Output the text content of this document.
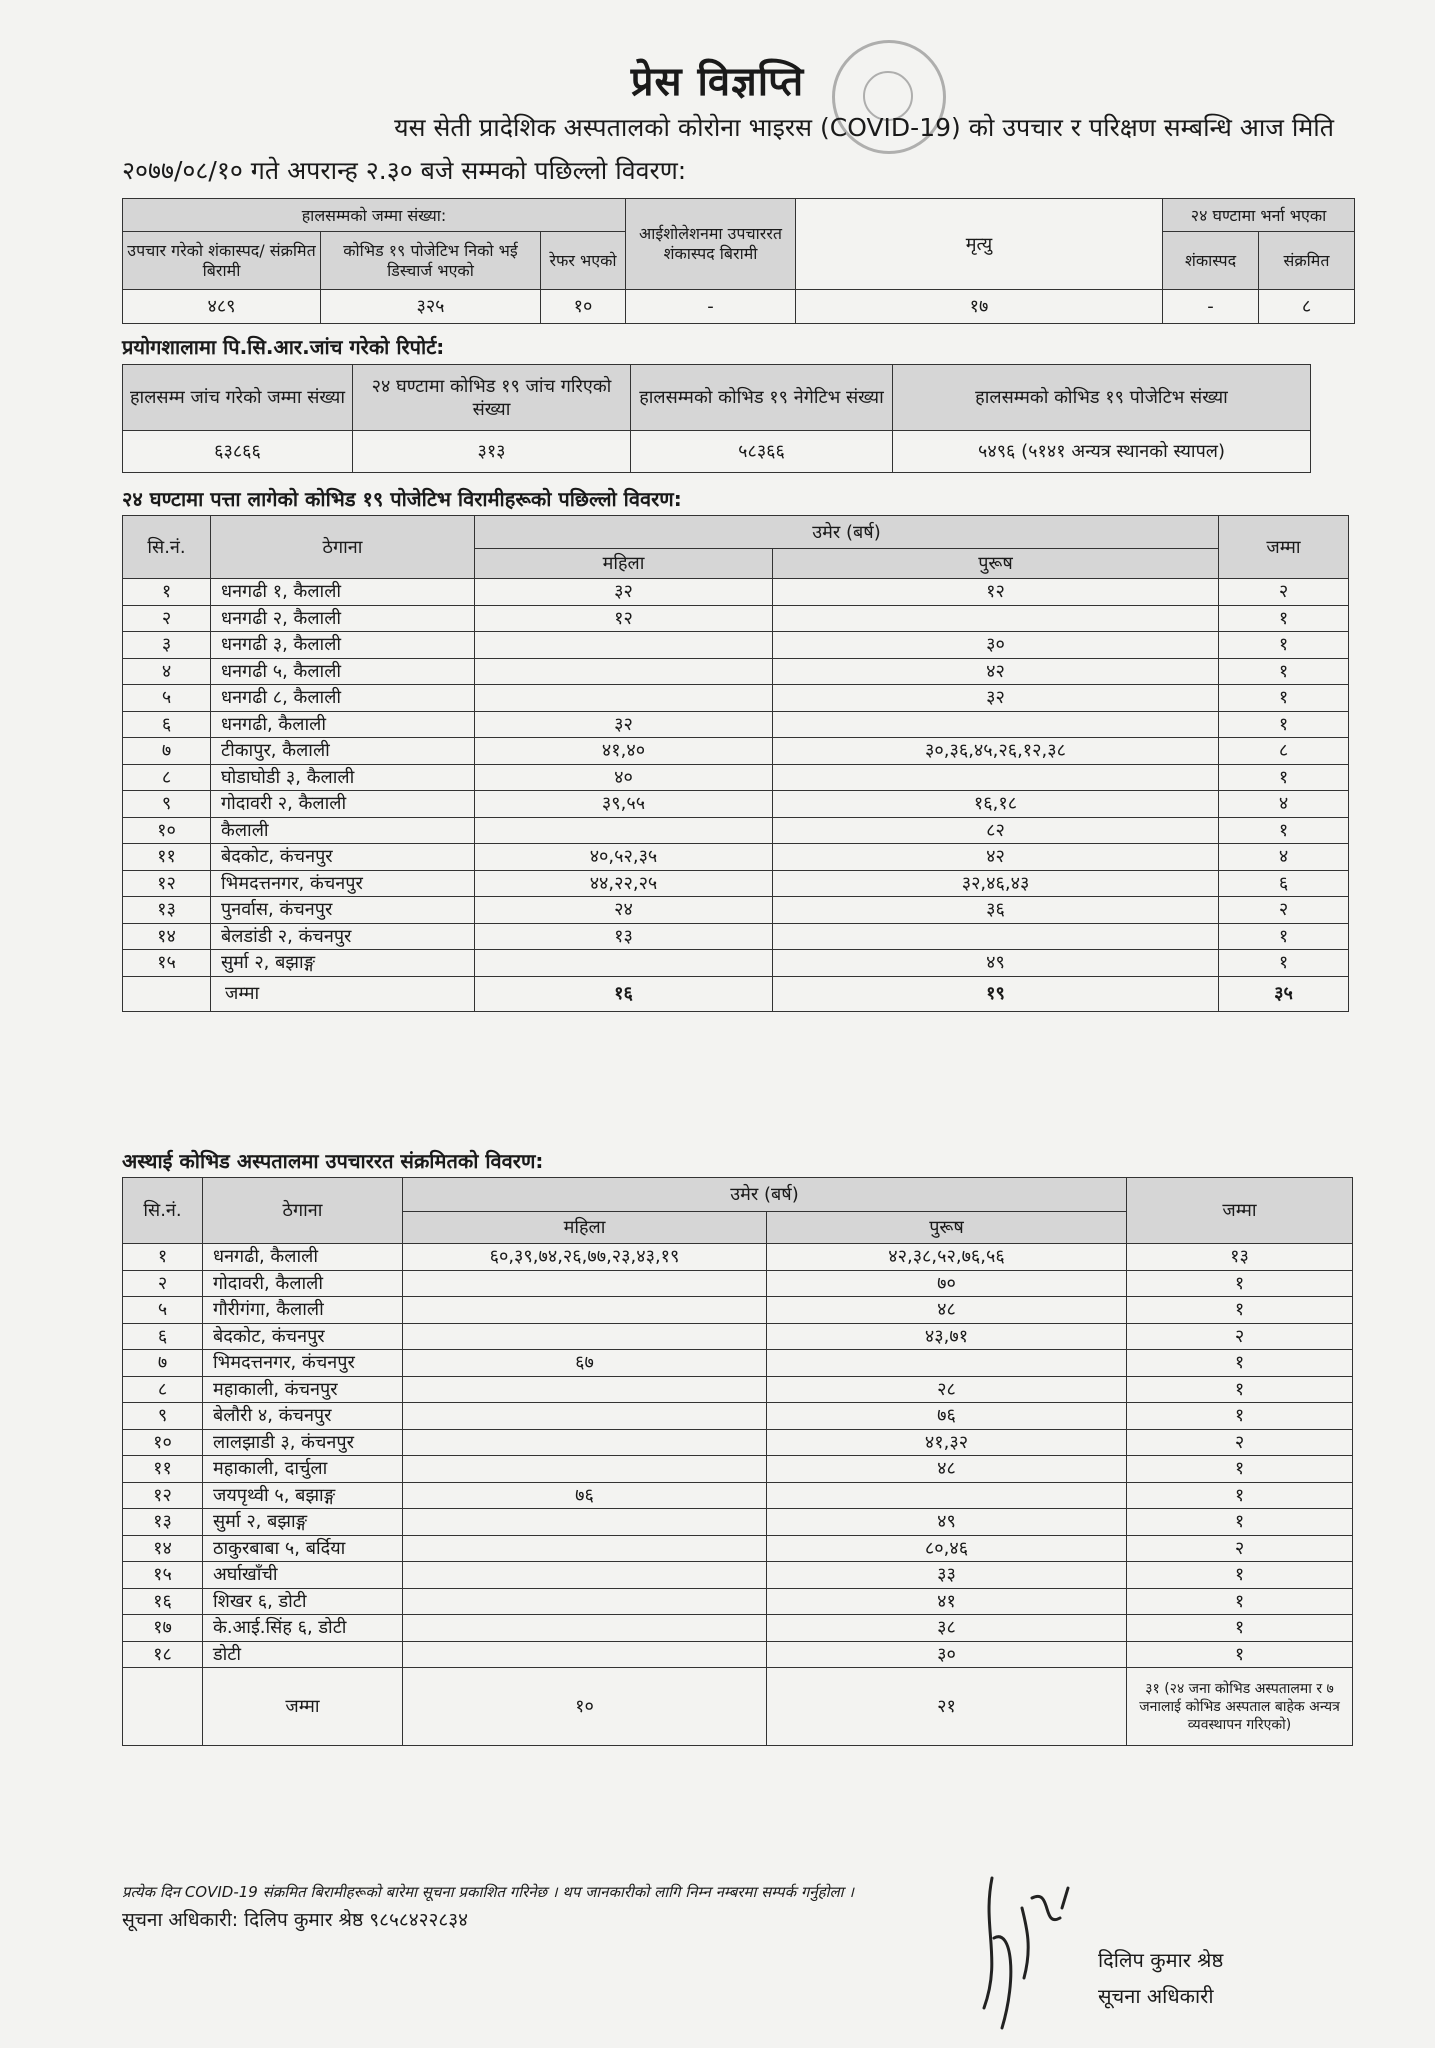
प्रेस विज्ञप्ति
यस सेती प्रादेशिक अस्पतालको कोरोना भाइरस (COVID-19) को उपचार र परिक्षण सम्बन्धि आज मिति
२०७७/०८/१० गते अपरान्ह २.३० बजे सम्मको पछिल्लो विवरण:
हालसम्मको जम्मा संख्या:			आईशोलेशनमा उपचाररत शंकास्पद बिरामी	मृत्यु	२४ घण्टामा भर्ना भएका	
उपचार गरेको शंकास्पद/ संक्रमित बिरामी	कोभिड १९ पोजेटिभ निको भई डिस्चार्ज भएको	रेफर भएको			शंकास्पद	संक्रमित
४८९	३२५	१०	-	१७	-	८
प्रयोगशालामा पि.सि.आर.जांच गरेको रिपोर्ट:
हालसम्म जांच गरेको जम्मा संख्या	२४ घण्टामा कोभिड १९ जांच गरिएको संख्या	हालसम्मको कोभिड १९ नेगेटिभ संख्या	हालसम्मको कोभिड १९ पोजेटिभ संख्या
६३८६६	३१३	५८३६६	५४९६ (५१४१ अन्यत्र स्थानको स्यापल)
२४ घण्टामा पत्ता लागेको कोभिड १९ पोजेटिभ विरामीहरूको पछिल्लो विवरण:
सि.नं.	ठेगाना	उमेर (बर्ष)		जम्मा
		महिला	पुरूष	
१	धनगढी १, कैलाली	३२	१२	२
२	धनगढी २, कैलाली	१२		१
३	धनगढी ३, कैलाली		३०	१
४	धनगढी ५, कैलाली		४२	१
५	धनगढी ८, कैलाली		३२	१
६	धनगढी, कैलाली	३२		१
७	टीकापुर, कैलाली	४१,४०	३०,३६,४५,२६,१२,३८	८
८	घोडाघोडी ३, कैलाली	४०		१
९	गोदावरी २, कैलाली	३९,५५	१६,१८	४
१०	कैलाली		८२	१
११	बेदकोट, कंचनपुर	४०,५२,३५	४२	४
१२	भिमदत्तनगर, कंचनपुर	४४,२२,२५	३२,४६,४३	६
१३	पुनर्वास, कंचनपुर	२४	३६	२
१४	बेलडांडी २, कंचनपुर	१३		१
१५	सुर्मा २, बझाङ्ग		४९	१
	जम्मा	१६	१९	३५
अस्थाई कोभिड अस्पतालमा उपचाररत संक्रमितको विवरण:
सि.नं.	ठेगाना	उमेर (बर्ष)		जम्मा
		महिला	पुरूष	
१	धनगढी, कैलाली	६०,३९,७४,२६,७७,२३,४३,१९	४२,३८,५२,७६,५६	१३
२	गोदावरी, कैलाली		७०	१
५	गौरीगंगा, कैलाली		४८	१
६	बेदकोट, कंचनपुर		४३,७१	२
७	भिमदत्तनगर, कंचनपुर	६७		१
८	महाकाली, कंचनपुर		२८	१
९	बेलौरी ४, कंचनपुर		७६	१
१०	लालझाडी ३, कंचनपुर		४१,३२	२
११	महाकाली, दार्चुला		४८	१
१२	जयपृथ्वी ५, बझाङ्ग	७६		१
१३	सुर्मा २, बझाङ्ग		४९	१
१४	ठाकुरबाबा ५, बर्दिया		८०,४६	२
१५	अर्घाखाँची		३३	१
१६	शिखर ६, डोटी		४१	१
१७	के.आई.सिंह ६, डोटी		३८	१
१८	डोटी		३०	१
	जम्मा	१०	२१	३१ (२४ जना कोभिड अस्पतालमा र ७ जनालाई कोभिड अस्पताल बाहेक अन्यत्र व्यवस्थापन गरिएको)
प्रत्येक दिन COVID-19 संक्रमित बिरामीहरूको बारेमा सूचना प्रकाशित गरिनेछ । थप जानकारीको लागि निम्न नम्बरमा सम्पर्क गर्नुहोला ।
सूचना अधिकारी: दिलिप कुमार श्रेष्ठ ९८५८४२२८३४
दिलिप कुमार श्रेष्ठ
सूचना अधिकारी
